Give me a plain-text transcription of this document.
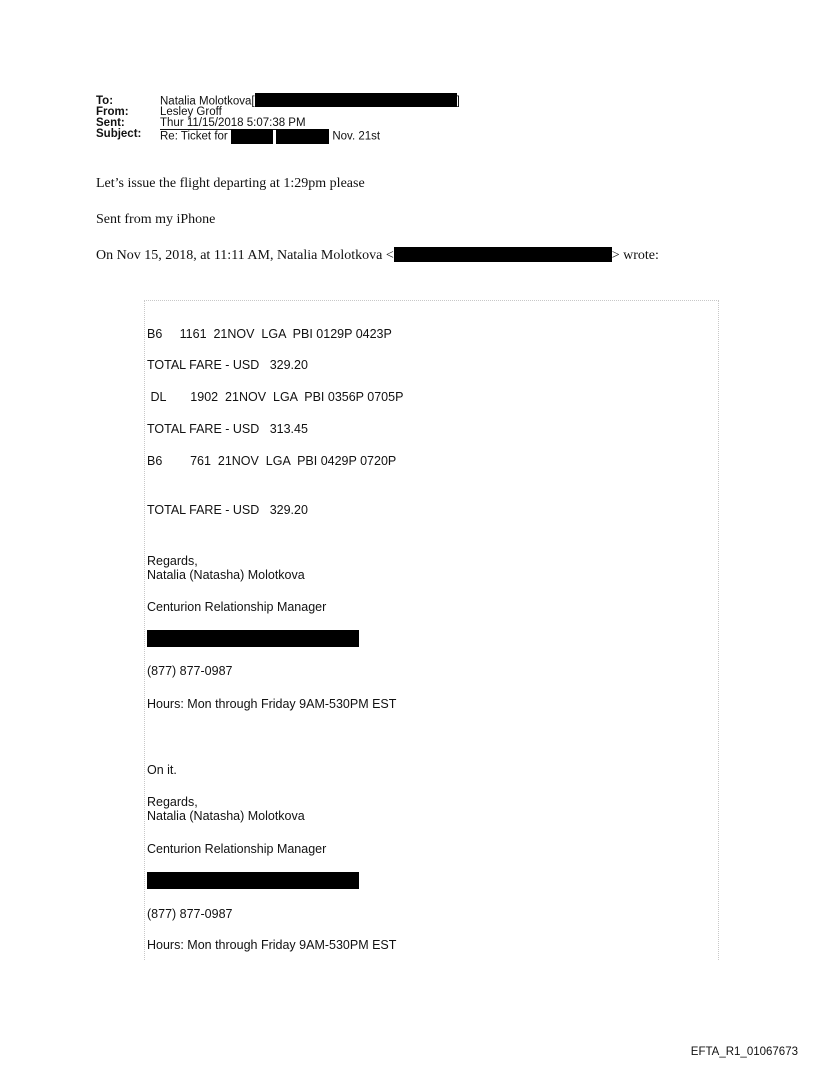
To:	Natalia Molotkova[	]
From:	Lesley Groff
Sent:	Thur 11/15/2018 5:07:38 PM
Subject: Re: Ticket for	Nov. 21st
Let’s issue the flight departing at 1:29pm please
Sent from my iPhone
On Nov 15, 2018, at 11:11 AM, Natalia Molotkova <	> wrote:
B6     1161  21NOV  LGA  PBI 0129P 0423P
TOTAL FARE - USD   329.20
DL       1902  21NOV  LGA  PBI 0356P 0705P
TOTAL FARE - USD   313.45
B6        761  21NOV  LGA  PBI 0429P 0720P
TOTAL FARE - USD   329.20
Regards,
Natalia (Natasha) Molotkova
Centurion Relationship Manager
(877) 877-0987
Hours: Mon through Friday 9AM-530PM EST
On it.
Regards,
Natalia (Natasha) Molotkova
Centurion Relationship Manager
(877) 877-0987
Hours: Mon through Friday 9AM-530PM EST
EFTA_R1_01067673
